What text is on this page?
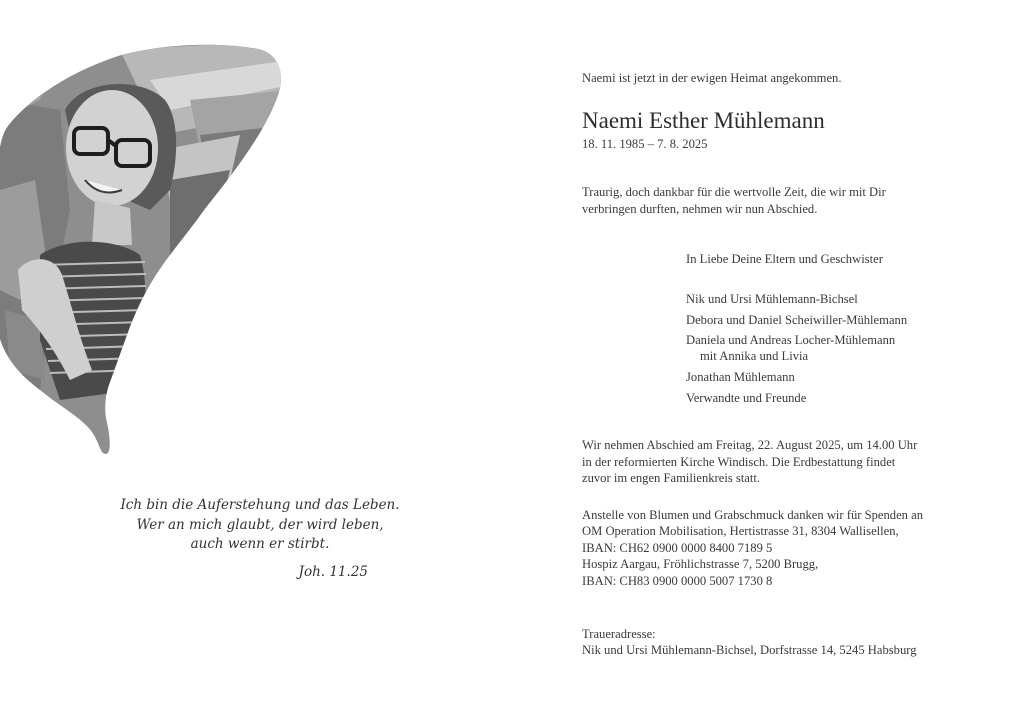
Ich bin die Auferstehung und das Leben.
Wer an mich glaubt, der wird leben,
auch wenn er stirbt.
Joh. 11.25
Naemi ist jetzt in der ewigen Heimat angekommen.
Naemi Esther Mühlemann
18. 11. 1985 – 7. 8. 2025
Traurig, doch dankbar für die wertvolle Zeit, die wir mit Dir
verbringen durften, nehmen wir nun Abschied.
In Liebe Deine Eltern und Geschwister
Nik und Ursi Mühlemann-Bichsel
Debora und Daniel Scheiwiller-Mühlemann
Daniela und Andreas Locher-Mühlemann
mit Annika und Livia
Jonathan Mühlemann
Verwandte und Freunde
Wir nehmen Abschied am Freitag, 22. August 2025, um 14.00 Uhr
in der reformierten Kirche Windisch. Die Erdbestattung findet
zuvor im engen Familienkreis statt.
Anstelle von Blumen und Grabschmuck danken wir für Spenden an
OM Operation Mobilisation, Hertistrasse 31, 8304 Wallisellen,
IBAN: CH62 0900 0000 8400 7189 5
Hospiz Aargau, Fröhlichstrasse 7, 5200 Brugg,
IBAN: CH83 0900 0000 5007 1730 8
Traueradresse:
Nik und Ursi Mühlemann-Bichsel, Dorfstrasse 14, 5245 Habsburg
